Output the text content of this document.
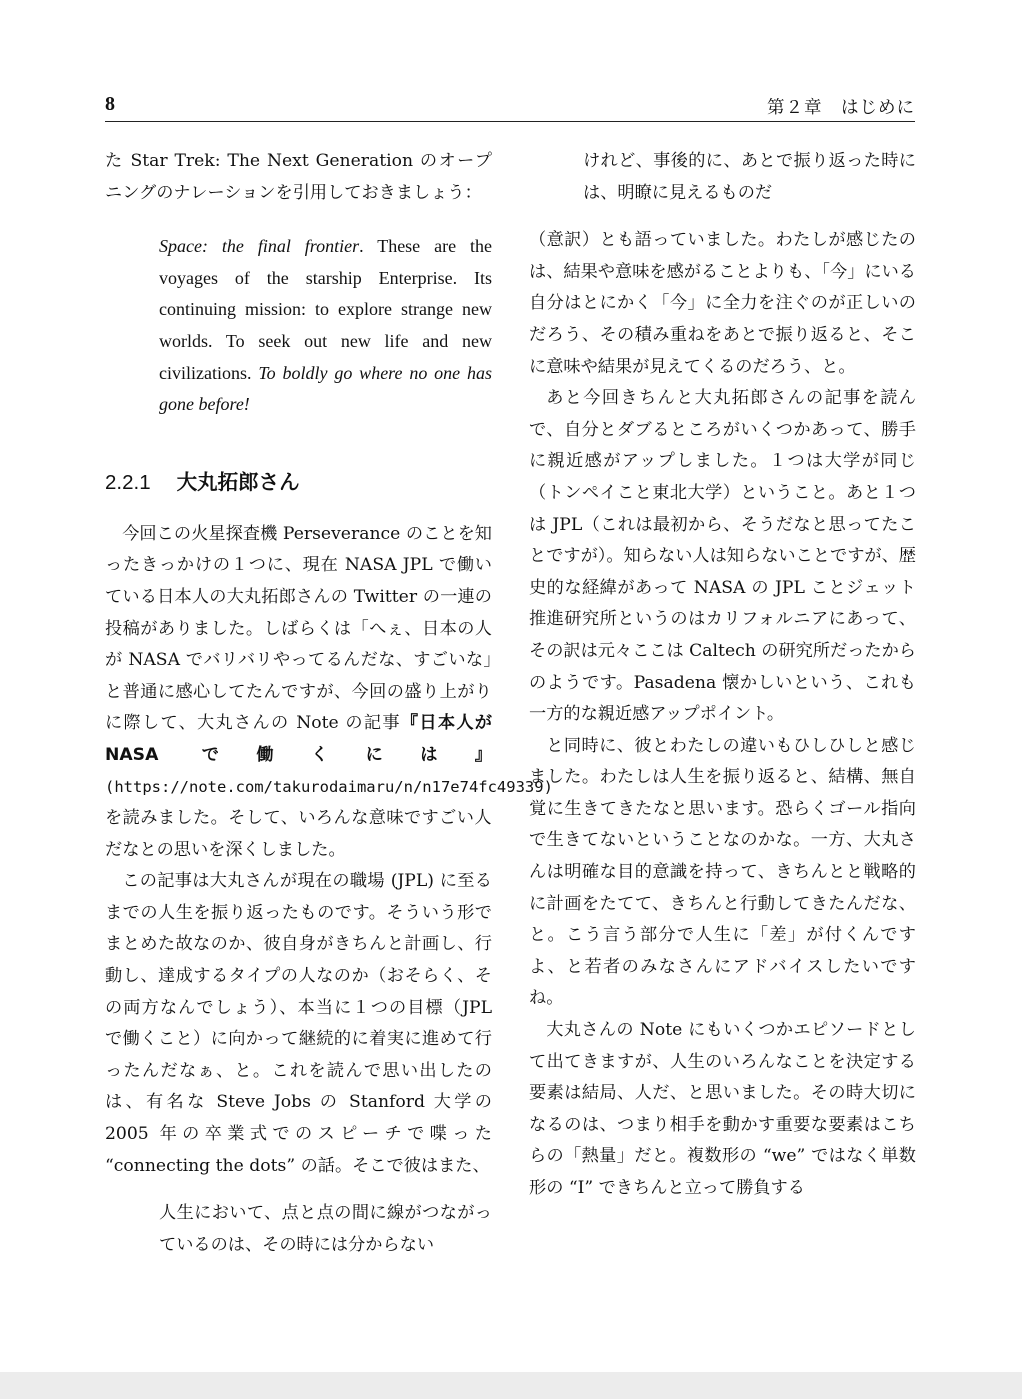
8	第２章　はじめに

た Star Trek: The Next Generation のオープニングのナレーションを引用しておきましょう：

Space: the final frontier. These are the voyages of the starship Enterprise. Its continuing mission: to explore strange new worlds. To seek out new life and new civilizations. To boldly go where no one has gone before!

2.2.1 大丸拓郎さん

今回この火星探査機 Perseverance のことを知ったきっかけの１つに、現在 NASA JPL で働いている日本人の大丸拓郎さんの Twitter の一連の投稿がありました。しばらくは「へぇ、日本の人が NASA でバリバリやってるんだな、すごいな」と普通に感心してたんですが、今回の盛り上がりに際して、大丸さんの Note の記事『日本人が NASA で働くには』(https://note.com/takurodaimaru/n/n17e74fc49339) を読みました。そして、いろんな意味ですごい人だなとの思いを深くしました。

この記事は大丸さんが現在の職場 (JPL) に至るまでの人生を振り返ったものです。そういう形でまとめた故なのか、彼自身がきちんと計画し、行動し、達成するタイプの人なのか（おそらく、その両方なんでしょう）、本当に１つの目標（JPL で働くこと）に向かって継続的に着実に進めて行ったんだなぁ、と。これを読んで思い出したのは、有名な Steve Jobs の Stanford 大学の 2005 年の卒業式でのスピーチで喋った “connecting the dots” の話。そこで彼はまた、

人生において、点と点の間に線がつながっているのは、その時には分からない

けれど、事後的に、あとで振り返った時には、明瞭に見えるものだ

（意訳）とも語っていました。わたしが感じたのは、結果や意味を感がることよりも、「今」にいる自分はとにかく「今」に全力を注ぐのが正しいのだろう、その積み重ねをあとで振り返ると、そこに意味や結果が見えてくるのだろう、と。

あと今回きちんと大丸拓郎さんの記事を読んで、自分とダブるところがいくつかあって、勝手に親近感がアップしました。１つは大学が同じ（トンペイこと東北大学）ということ。あと１つは JPL（これは最初から、そうだなと思ってたことですが）。知らない人は知らないことですが、歴史的な経緯があって NASA の JPL ことジェット推進研究所というのはカリフォルニアにあって、その訳は元々ここは Caltech の研究所だったからのようです。Pasadena 懐かしいという、これも一方的な親近感アップポイント。

と同時に、彼とわたしの違いもひしひしと感じました。わたしは人生を振り返ると、結構、無自覚に生きてきたなと思います。恐らくゴール指向で生きてないということなのかな。一方、大丸さんは明確な目的意識を持って、きちんとと戦略的に計画をたてて、きちんと行動してきたんだな、と。こう言う部分で人生に「差」が付くんですよ、と若者のみなさんにアドバイスしたいですね。

大丸さんの Note にもいくつかエピソードとして出てきますが、人生のいろんなことを決定する要素は結局、人だ、と思いました。その時大切になるのは、つまり相手を動かす重要な要素はこちらの「熱量」だと。複数形の “we” ではなく単数形の “I” できちんと立って勝負する
